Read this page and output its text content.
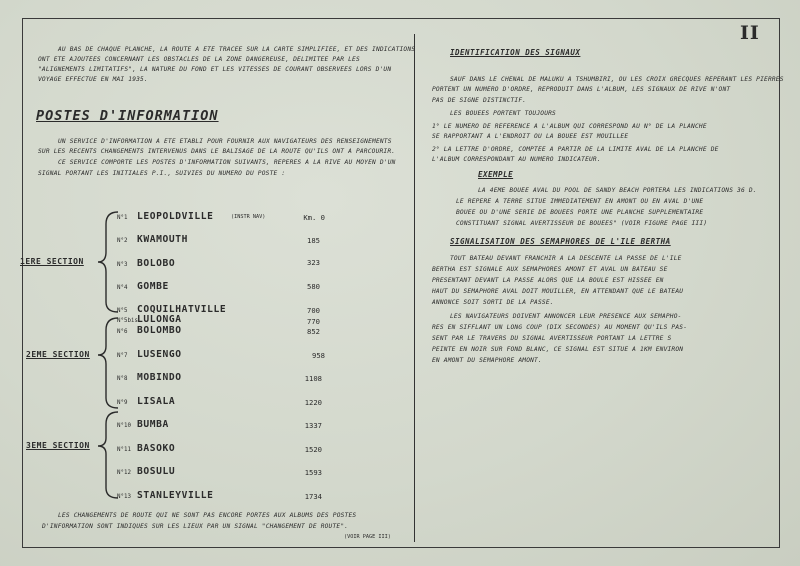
II
AU BAS DE CHAQUE PLANCHE, LA ROUTE A ETE TRACEE SUR LA CARTE SIMPLIFIEE, ET DES INDICATIONS
ONT ETE AJOUTEES CONCERNANT LES OBSTACLES DE LA ZONE DANGEREUSE, DELIMITEE PAR LES
"ALIGNEMENTS LIMITATIFS", LA NATURE DU FOND ET LES VITESSES DE COURANT OBSERVEES LORS D'UN
VOYAGE EFFECTUE EN MAI 1935.
POSTES D'INFORMATION
UN SERVICE D'INFORMATION A ETE ETABLI POUR FOURNIR AUX NAVIGATEURS DES RENSEIGNEMENTS
SUR LES RECENTS CHANGEMENTS INTERVENUS DANS LE BALISAGE DE LA ROUTE QU'ILS ONT A PARCOURIR.
CE SERVICE COMPORTE LES POSTES D'INFORMATION SUIVANTS, REPERES A LA RIVE AU MOYEN D'UN
SIGNAL PORTANT LES INITIALES P.I., SUIVIES DU NUMERO DU POSTE :
1ERE SECTION
2EME SECTION
3EME SECTION
N°1 LEOPOLDVILLE	(INSTR NAV)	Km. 0
N°2 KWAMOUTH	185
N°3 BOLOBO	323
N°4 GOMBE	580
N°5 COQUILHATVILLE	700
N°5bis LULONGA	770
N°6 BOLOMBO	852
N°7 LUSENGO	958
N°8 MOBINDO	1108
N°9 LISALA	1220
N°10 BUMBA	1337
N°11 BASOKO	1520
N°12 BOSULU	1593
N°13 STANLEYVILLE	1734
LES CHANGEMENTS DE ROUTE QUI NE SONT PAS ENCORE PORTES AUX ALBUMS DES POSTES
D'INFORMATION SONT INDIQUES SUR LES LIEUX PAR UN SIGNAL "CHANGEMENT DE ROUTE".
(VOIR PAGE III)
IDENTIFICATION DES SIGNAUX
SAUF DANS LE CHENAL DE MALUKU A TSHUMBIRI, OU LES CROIX GRECQUES REPERANT LES PIERRES
PORTENT UN NUMERO D'ORDRE, REPRODUIT DANS L'ALBUM, LES SIGNAUX DE RIVE N'ONT
PAS DE SIGNE DISTINCTIF.
LES BOUEES PORTENT TOUJOURS
1° LE NUMERO DE REFERENCE A L'ALBUM QUI CORRESPOND AU N° DE LA PLANCHE
SE RAPPORTANT A L'ENDROIT OU LA BOUEE EST MOUILLEE
2° LA LETTRE D'ORDRE, COMPTEE A PARTIR DE LA LIMITE AVAL DE LA PLANCHE DE
L'ALBUM CORRESPONDANT AU NUMERO INDICATEUR.
EXEMPLE
LA 4EME BOUEE AVAL DU POOL DE SANDY BEACH PORTERA LES INDICATIONS 36 D.
LE REPERE A TERRE SITUE IMMEDIATEMENT EN AMONT OU EN AVAL D'UNE
BOUEE OU D'UNE SERIE DE BOUEES PORTE UNE PLANCHE SUPPLEMENTAIRE
CONSTITUANT SIGNAL AVERTISSEUR DE BOUEES" (VOIR FIGURE PAGE III)
SIGNALISATION DES SEMAPHORES DE L'ILE BERTHA
TOUT BATEAU DEVANT FRANCHIR A LA DESCENTE LA PASSE DE L'ILE
BERTHA EST SIGNALE AUX SEMAPHORES AMONT ET AVAL UN BATEAU SE
PRESENTANT DEVANT LA PASSE ALORS QUE LA BOULE EST HISSEE EN
HAUT DU SEMAPHORE AVAL DOIT MOUILLER, EN ATTENDANT QUE LE BATEAU
ANNONCE SOIT SORTI DE LA PASSE.
LES NAVIGATEURS DOIVENT ANNONCER LEUR PRESENCE AUX SEMAPHO-
RES EN SIFFLANT UN LONG COUP (DIX SECONDES) AU MOMENT QU'ILS PAS-
SENT PAR LE TRAVERS DU SIGNAL AVERTISSEUR PORTANT LA LETTRE S
PEINTE EN NOIR SUR FOND BLANC, CE SIGNAL EST SITUE A 1KM ENVIRON
EN AMONT DU SEMAPHORE AMONT.
